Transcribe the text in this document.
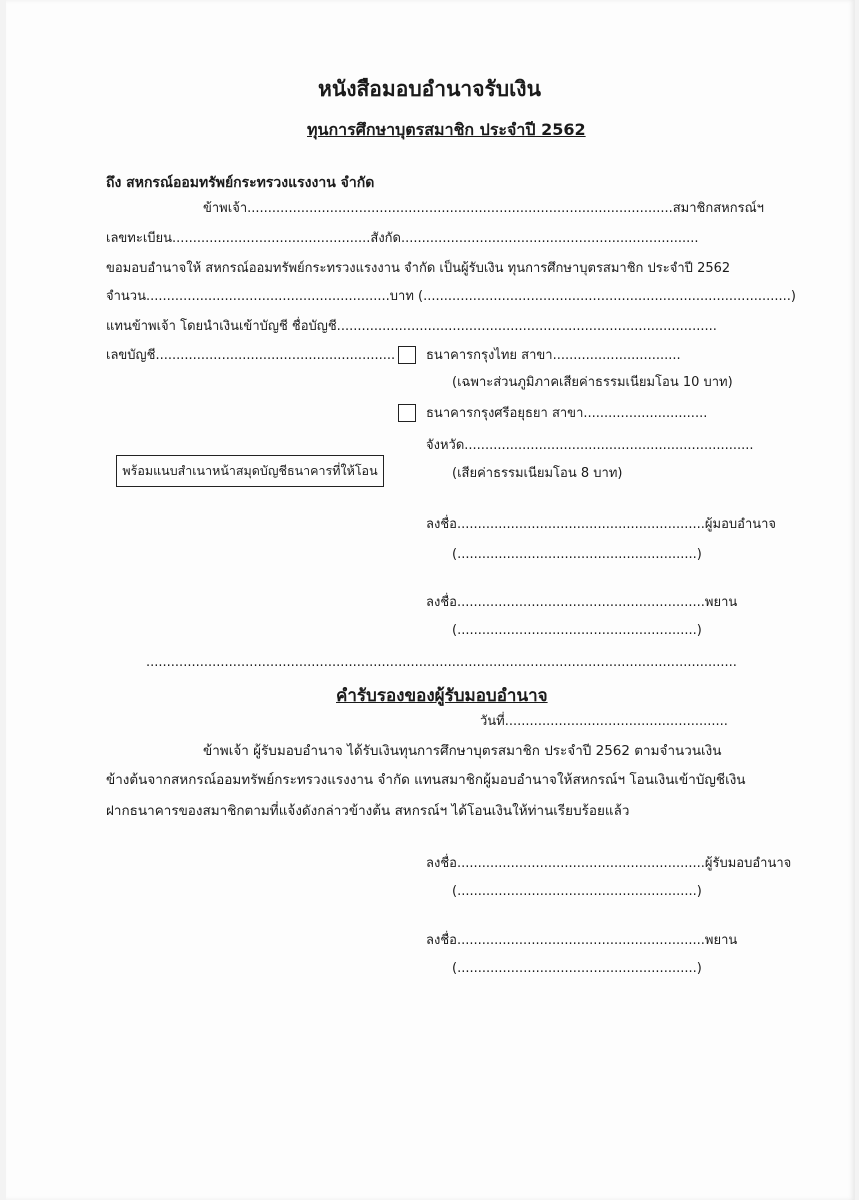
หนังสือมอบอำนาจรับเงิน
ทุนการศึกษาบุตรสมาชิก ประจำปี 2562
ถึง สหกรณ์ออมทรัพย์กระทรวงแรงงาน จำกัด
ข้าพเจ้า.......................................................................................................สมาชิกสหกรณ์ฯ
เลขทะเบียน................................................สังกัด........................................................................
ขอมอบอำนาจให้ สหกรณ์ออมทรัพย์กระทรวงแรงงาน จำกัด เป็นผู้รับเงิน ทุนการศึกษาบุตรสมาชิก ประจำปี 2562
จำนวน...........................................................บาท (.........................................................................................)
แทนข้าพเจ้า โดยนำเงินเข้าบัญชี ชื่อบัญชี............................................................................................
เลขบัญชี.......................................................... ธนาคารกรุงไทย สาขา...............................
(เฉพาะส่วนภูมิภาคเสียค่าธรรมเนียมโอน 10 บาท)
ธนาคารกรุงศรีอยุธยา สาขา..............................
จังหวัด......................................................................
(เสียค่าธรรมเนียมโอน 8 บาท)
พร้อมแนบสำเนาหน้าสมุดบัญชีธนาคารที่ให้โอน
ลงชื่อ............................................................ผู้มอบอำนาจ
(..........................................................)
ลงชื่อ............................................................พยาน
(..........................................................)
...............................................................................................................................................
คำรับรองของผู้รับมอบอำนาจ
วันที่......................................................
ข้าพเจ้า ผู้รับมอบอำนาจ ได้รับเงินทุนการศึกษาบุตรสมาชิก ประจำปี 2562 ตามจำนวนเงิน
ข้างต้นจากสหกรณ์ออมทรัพย์กระทรวงแรงงาน จำกัด แทนสมาชิกผู้มอบอำนาจให้สหกรณ์ฯ โอนเงินเข้าบัญชีเงิน
ฝากธนาคารของสมาชิกตามที่แจ้งดังกล่าวข้างต้น สหกรณ์ฯ ได้โอนเงินให้ท่านเรียบร้อยแล้ว
ลงชื่อ............................................................ผู้รับมอบอำนาจ
(..........................................................)
ลงชื่อ............................................................พยาน
(..........................................................)
